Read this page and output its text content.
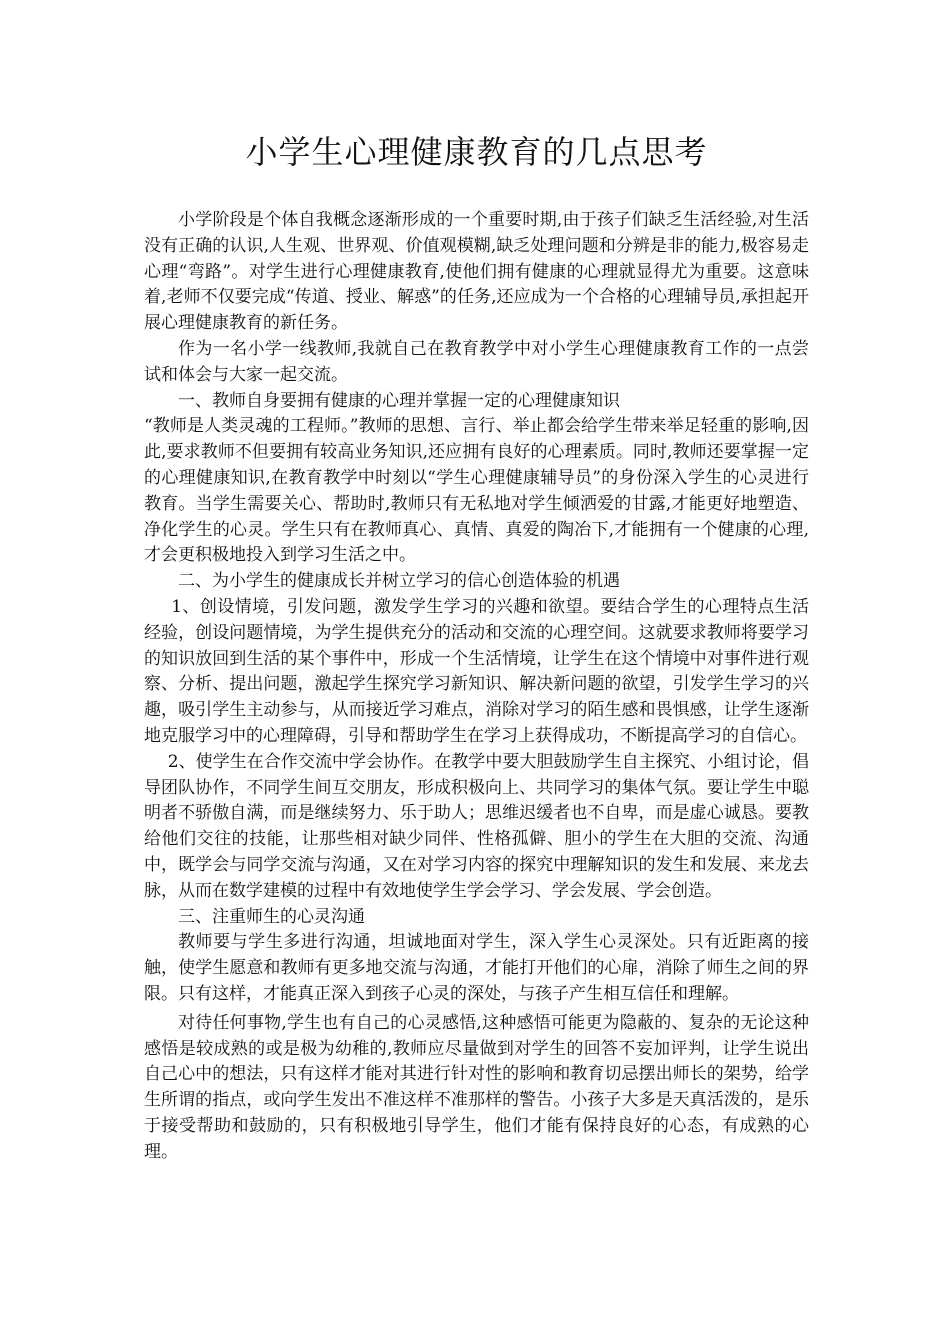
小学生心理健康教育的几点思考

小学阶段是个体自我概念逐渐形成的一个重要时期,由于孩子们缺乏生活经验,对生活没有正确的认识,人生观、世界观、价值观模糊,缺乏处理问题和分辨是非的能力,极容易走心理“弯路”。对学生进行心理健康教育,使他们拥有健康的心理就显得尤为重要。这意味着,老师不仅要完成“传道、授业、解惑”的任务,还应成为一个合格的心理辅导员,承担起开展心理健康教育的新任务。

作为一名小学一线教师,我就自己在教育教学中对小学生心理健康教育工作的一点尝试和体会与大家一起交流。

一、教师自身要拥有健康的心理并掌握一定的心理健康知识

“教师是人类灵魂的工程师。”教师的思想、言行、举止都会给学生带来举足轻重的影响,因此,要求教师不但要拥有较高业务知识,还应拥有良好的心理素质。同时,教师还要掌握一定的心理健康知识,在教育教学中时刻以“学生心理健康辅导员”的身份深入学生的心灵进行教育。当学生需要关心、帮助时,教师只有无私地对学生倾洒爱的甘露,才能更好地塑造、净化学生的心灵。学生只有在教师真心、真情、真爱的陶冶下,才能拥有一个健康的心理,才会更积极地投入到学习生活之中。

二、为小学生的健康成长并树立学习的信心创造体验的机遇

1、创设情境，引发问题，激发学生学习的兴趣和欲望。要结合学生的心理特点生活经验，创设问题情境，为学生提供充分的活动和交流的心理空间。这就要求教师将要学习的知识放回到生活的某个事件中，形成一个生活情境，让学生在这个情境中对事件进行观察、分析、提出问题，激起学生探究学习新知识、解决新问题的欲望，引发学生学习的兴趣，吸引学生主动参与，从而接近学习难点，消除对学习的陌生感和畏惧感，让学生逐渐地克服学习中的心理障碍，引导和帮助学生在学习上获得成功，不断提高学习的自信心。

2、使学生在合作交流中学会协作。在教学中要大胆鼓励学生自主探究、小组讨论，倡导团队协作，不同学生间互交朋友，形成积极向上、共同学习的集体气氛。要让学生中聪明者不骄傲自满，而是继续努力、乐于助人；思维迟缓者也不自卑，而是虚心诚恳。要教给他们交往的技能，让那些相对缺少同伴、性格孤僻、胆小的学生在大胆的交流、沟通中，既学会与同学交流与沟通，又在对学习内容的探究中理解知识的发生和发展、来龙去脉，从而在数学建模的过程中有效地使学生学会学习、学会发展、学会创造。

三、注重师生的心灵沟通

教师要与学生多进行沟通，坦诚地面对学生，深入学生心灵深处。只有近距离的接触，使学生愿意和教师有更多地交流与沟通，才能打开他们的心扉，消除了师生之间的界限。只有这样，才能真正深入到孩子心灵的深处，与孩子产生相互信任和理解。

对待任何事物,学生也有自己的心灵感悟,这种感悟可能更为隐蔽的、复杂的无论这种感悟是较成熟的或是极为幼稚的,教师应尽量做到对学生的回答不妄加评判，让学生说出自己心中的想法，只有这样才能对其进行针对性的影响和教育切忌摆出师长的架势，给学生所谓的指点，或向学生发出不准这样不准那样的警告。小孩子大多是天真活泼的，是乐于接受帮助和鼓励的，只有积极地引导学生，他们才能有保持良好的心态，有成熟的心理。
